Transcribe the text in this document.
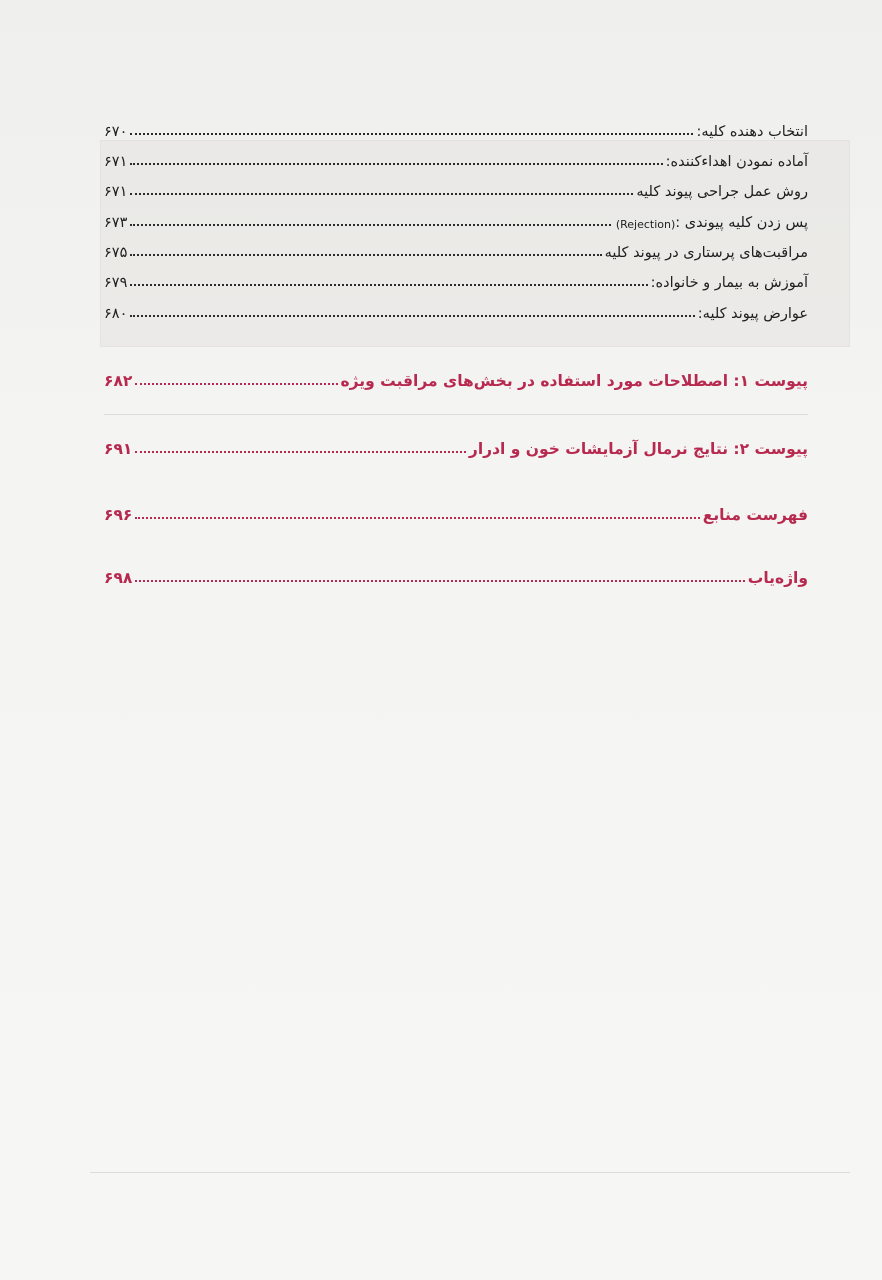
انتخاب دهنده کلیه:
۶۷۰
آماده نمودن اهداءکننده:
۶۷۱
روش عمل جراحی پیوند کلیه
۶۷۱
پس زدن کلیه پیوندی :
(Rejection)
۶۷۳
مراقبت‌های پرستاری در پیوند کلیه
۶۷۵
آموزش به بیمار و خانواده:
۶۷۹
عوارض پیوند کلیه:
۶۸۰
پیوست ۱: اصطلاحات مورد استفاده در بخش‌های مراقبت ویژه
۶۸۲
پیوست ۲: نتایج نرمال آزمایشات خون و ادرار
۶۹۱
فهرست منابع
۶۹۶
واژه‌یاب
۶۹۸
